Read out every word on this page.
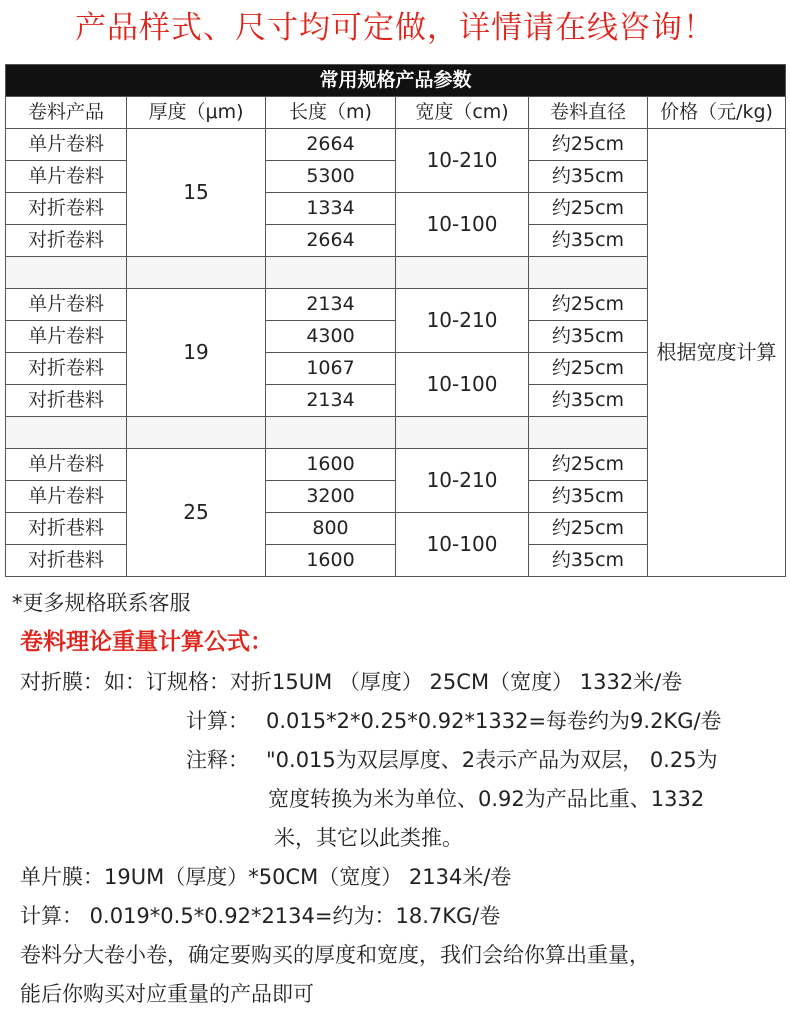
产品样式、尺寸均可定做，详情请在线咨询！
常用规格产品参数					
卷料产品	厚度（μm)	长度（m)	宽度（cm)	卷料直径	价格（元/kg)
单片卷料	15	2664	10-210	约25cm	根据宽度计算
单片卷料		5300		约35cm	
对折卷料		1334	10-100	约25cm	
对折卷料		2664		约35cm	

单片卷料	19	2134	10-210	约25cm	
单片卷料		4300		约35cm	
对折卷料		1067	10-100	约25cm	
对折巷料		2134		约35cm	

单片卷料	25	1600	10-210	约25cm	
单片卷料		3200		约35cm	
对折巷料		800	10-100	约25cm	
对折巷料		1600		约35cm	
*更多规格联系客服
卷料理论重量计算公式：
对折膜：如：订规格：对折15UM （厚度） 25CM（宽度） 1332米/卷
计算： 0.015*2*0.25*0.92*1332=每卷约为9.2KG/卷
注释： "0.015为双层厚度、2表示产品为双层， 0.25为
宽度转换为米为单位、0.92为产品比重、1332
米，其它以此类推。
单片膜：19UM（厚度）*50CM（宽度） 2134米/卷
计算： 0.019*0.5*0.92*2134=约为：18.7KG/卷
卷料分大卷小卷，确定要购买的厚度和宽度，我们会给你算出重量，
能后你购买对应重量的产品即可
